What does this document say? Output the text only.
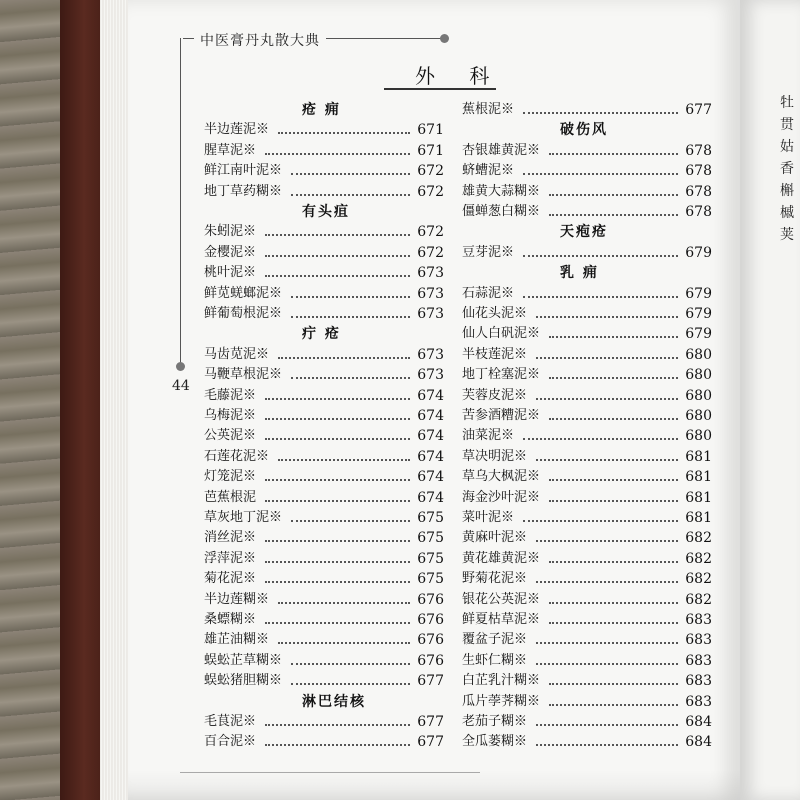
牡
贯
姑
香
槲
槭
荚
中医膏丹丸散大典
44
外 科
疮 痈
半边莲泥※	671
腥草泥※	671
鲜江南叶泥※	672
地丁草药糊※	672
有头疽
朱蚓泥※	672
金樱泥※	672
桃叶泥※	673
鲜苋蜣螂泥※	673
鲜葡萄根泥※	673
疔 疮
马齿苋泥※	673
马鞭草根泥※	673
毛藤泥※	674
乌梅泥※	674
公英泥※	674
石莲花泥※	674
灯笼泥※	674
芭蕉根泥	674
草灰地丁泥※	675
消丝泥※	675
浮萍泥※	675
菊花泥※	675
半边莲糊※	676
桑螵糊※	676
雄芷油糊※	676
蜈蚣芷草糊※	676
蜈蚣猪胆糊※	677
淋巴结核
毛茛泥※	677
百合泥※	677
蕉根泥※	677
破伤风
杏银雄黄泥※	678
蛴螬泥※	678
雄黄大蒜糊※	678
僵蝉葱白糊※	678
天疱疮
豆芽泥※	679
乳 痈
石蒜泥※	679
仙花头泥※	679
仙人白矾泥※	679
半枝莲泥※	680
地丁栓塞泥※	680
芙蓉皮泥※	680
苦参酒糟泥※	680
油菜泥※	680
草决明泥※	681
草乌大枫泥※	681
海金沙叶泥※	681
菜叶泥※	681
黄麻叶泥※	682
黄花雄黄泥※	682
野菊花泥※	682
银花公英泥※	682
鲜夏枯草泥※	683
覆盆子泥※	683
生虾仁糊※	683
白芷乳汁糊※	683
瓜片荸荠糊※	683
老茄子糊※	684
全瓜蒌糊※	684
